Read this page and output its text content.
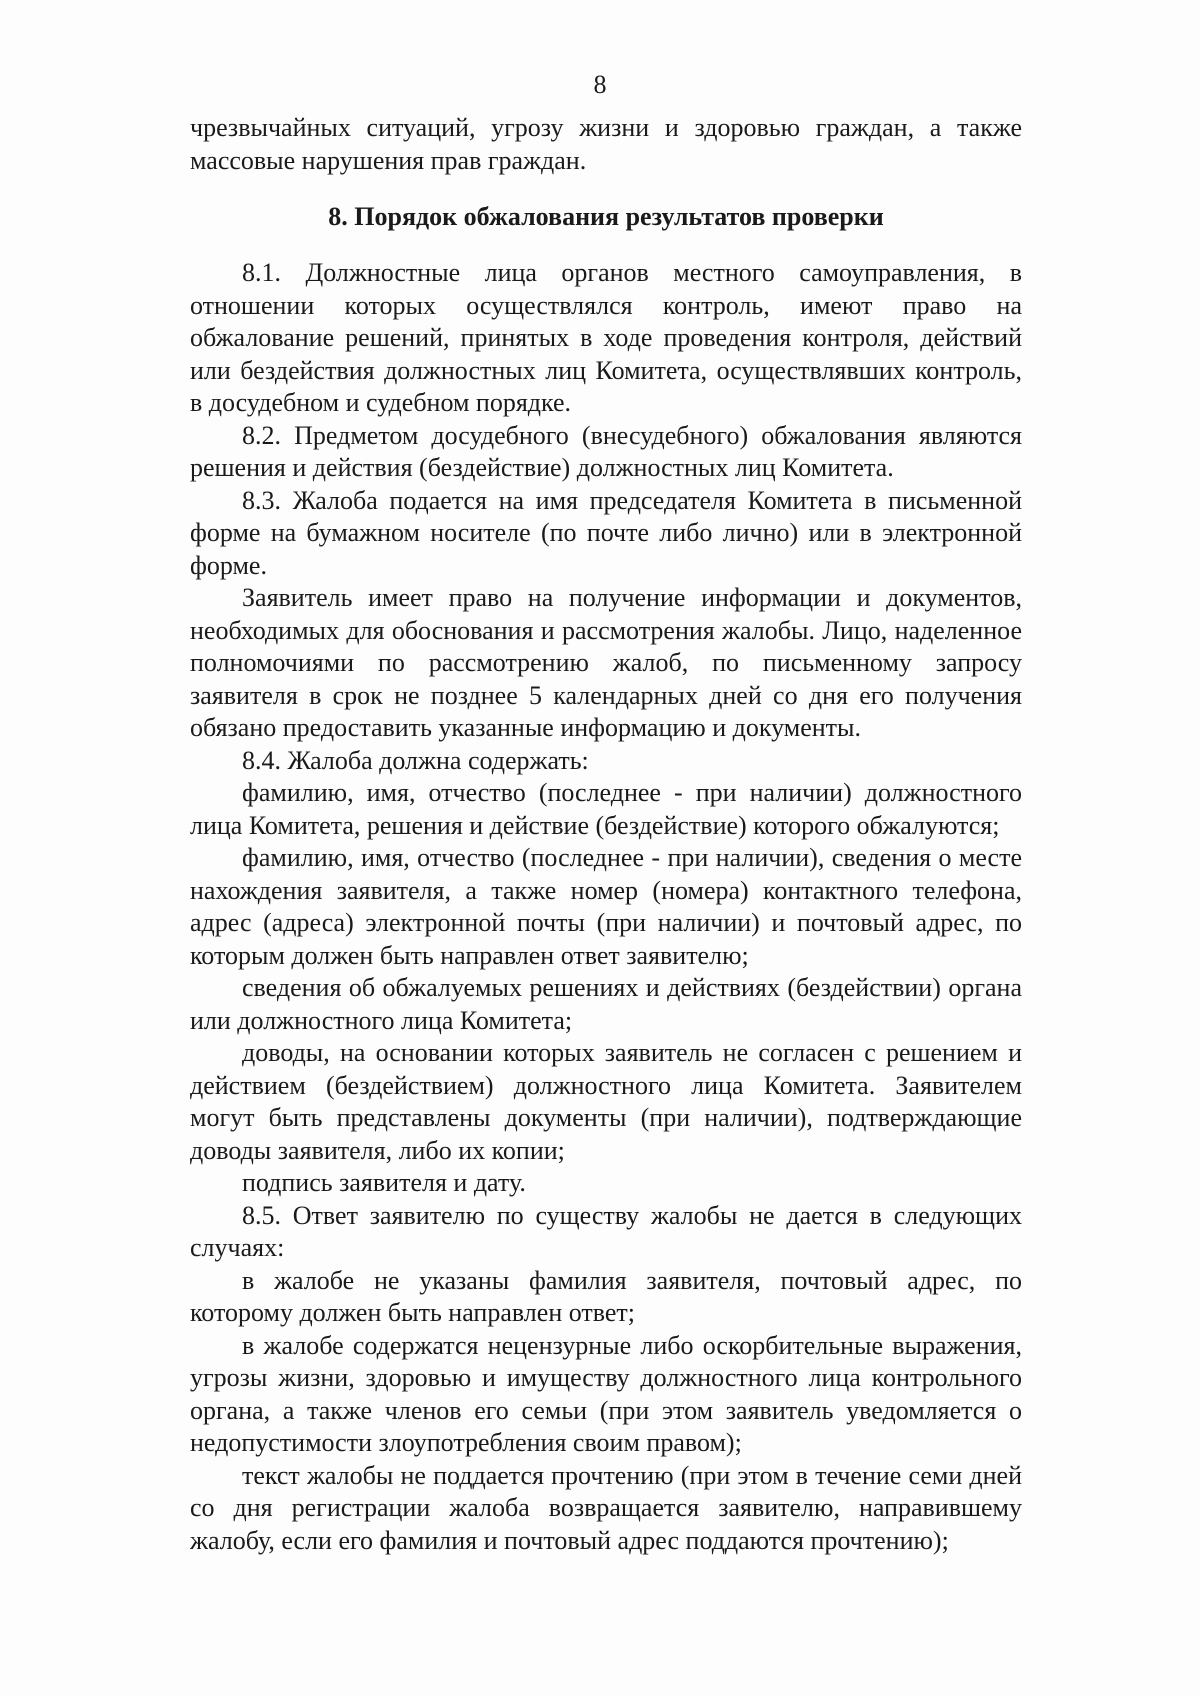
8

чрезвычайных ситуаций, угрозу жизни и здоровью граждан, а также массовые нарушения прав граждан.

8. Порядок обжалования результатов проверки

8.1. Должностные лица органов местного самоуправления, в отношении которых осуществлялся контроль, имеют право на обжалование решений, принятых в ходе проведения контроля, действий или бездействия должностных лиц Комитета, осуществлявших контроль, в досудебном и судебном порядке.

8.2. Предметом досудебного (внесудебного) обжалования являются решения и действия (бездействие) должностных лиц Комитета.

8.3. Жалоба подается на имя председателя Комитета в письменной форме на бумажном носителе (по почте либо лично) или в электронной форме.

Заявитель имеет право на получение информации и документов, необходимых для обоснования и рассмотрения жалобы. Лицо, наделенное полномочиями по рассмотрению жалоб, по письменному запросу заявителя в срок не позднее 5 календарных дней со дня его получения обязано предоставить указанные информацию и документы.

8.4. Жалоба должна содержать:

фамилию, имя, отчество (последнее - при наличии) должностного лица Комитета, решения и действие (бездействие) которого обжалуются;

фамилию, имя, отчество (последнее - при наличии), сведения о месте нахождения заявителя, а также номер (номера) контактного телефона, адрес (адреса) электронной почты (при наличии) и почтовый адрес, по которым должен быть направлен ответ заявителю;

сведения об обжалуемых решениях и действиях (бездействии) органа или должностного лица Комитета;

доводы, на основании которых заявитель не согласен с решением и действием (бездействием) должностного лица Комитета. Заявителем могут быть представлены документы (при наличии), подтверждающие доводы заявителя, либо их копии;

подпись заявителя и дату.

8.5. Ответ заявителю по существу жалобы не дается в следующих случаях:

в жалобе не указаны фамилия заявителя, почтовый адрес, по которому должен быть направлен ответ;

в жалобе содержатся нецензурные либо оскорбительные выражения, угрозы жизни, здоровью и имуществу должностного лица контрольного органа, а также членов его семьи (при этом заявитель уведомляется о недопустимости злоупотребления своим правом);

текст жалобы не поддается прочтению (при этом в течение семи дней со дня регистрации жалоба возвращается заявителю, направившему жалобу, если его фамилия и почтовый адрес поддаются прочтению);
